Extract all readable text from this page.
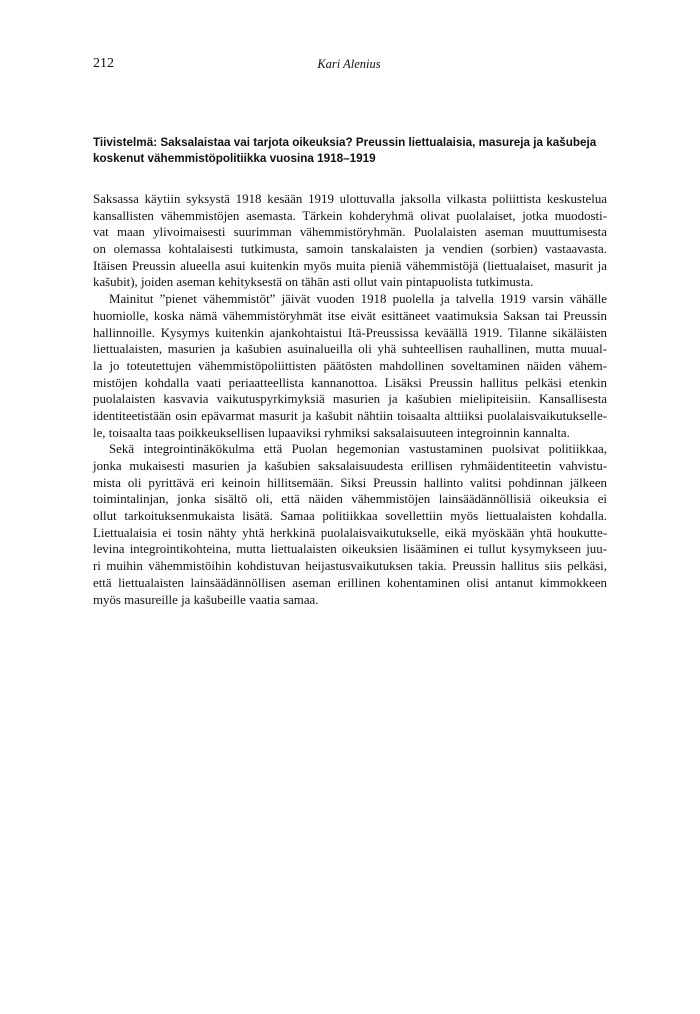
212	Kari Alenius
Tiivistelmä: Saksalaistaa vai tarjota oikeuksia? Preussin liettualaisia, masureja ja kašubeja
koskenut vähemmistöpolitiikka vuosina 1918–1919
Saksassa käytiin syksystä 1918 kesään 1919 ulottuvalla jaksolla vilkasta poliittista keskustelua
kansallisten vähemmistöjen asemasta. Tärkein kohderyhmä olivat puolalaiset, jotka muodosti-
vat maan ylivoimaisesti suurimman vähemmistöryhmän. Puolalaisten aseman muuttumisesta
on olemassa kohtalaisesti tutkimusta, samoin tanskalaisten ja vendien (sorbien) vastaavasta.
Itäisen Preussin alueella asui kuitenkin myös muita pieniä vähemmistöjä (liettualaiset, masurit ja
kašubit), joiden aseman kehityksestä on tähän asti ollut vain pintapuolista tutkimusta.
Mainitut ”pienet vähemmistöt” jäivät vuoden 1918 puolella ja talvella 1919 varsin vähälle
huomiolle, koska nämä vähemmistöryhmät itse eivät esittäneet vaatimuksia Saksan tai Preussin
hallinnoille. Kysymys kuitenkin ajankohtaistui Itä-Preussissa keväällä 1919. Tilanne sikäläisten
liettualaisten, masurien ja kašubien asuinalueilla oli yhä suhteellisen rauhallinen, mutta muual-
la jo toteutettujen vähemmistöpoliittisten päätösten mahdollinen soveltaminen näiden vähem-
mistöjen kohdalla vaati periaatteellista kannanottoa. Lisäksi Preussin hallitus pelkäsi etenkin
puolalaisten kasvavia vaikutuspyrkimyksiä masurien ja kašubien mielipiteisiin. Kansallisesta
identiteetistään osin epävarmat masurit ja kašubit nähtiin toisaalta alttiiksi puolalaisvaikutukselle-
le, toisaalta taas poikkeuksellisen lupaaviksi ryhmiksi saksalaisuuteen integroinnin kannalta.
Sekä integrointinäkökulma että Puolan hegemonian vastustaminen puolsivat politiikkaa,
jonka mukaisesti masurien ja kašubien saksalaisuudesta erillisen ryhmäidentiteetin vahvistu-
mista oli pyrittävä eri keinoin hillitsemään. Siksi Preussin hallinto valitsi pohdinnan jälkeen
toimintalinjan, jonka sisältö oli, että näiden vähemmistöjen lainsäädännöllisiä oikeuksia ei
ollut tarkoituksenmukaista lisätä. Samaa politiikkaa sovellettiin myös liettualaisten kohdalla.
Liettualaisia ei tosin nähty yhtä herkkinä puolalaisvaikutukselle, eikä myöskään yhtä houkutte-
levina integrointikohteina, mutta liettualaisten oikeuksien lisääminen ei tullut kysymykseen juu-
ri muihin vähemmistöihin kohdistuvan heijastusvaikutuksen takia. Preussin hallitus siis pelkäsi,
että liettualaisten lainsäädännöllisen aseman erillinen kohentaminen olisi antanut kimmokkeen
myös masureille ja kašubeille vaatia samaa.
